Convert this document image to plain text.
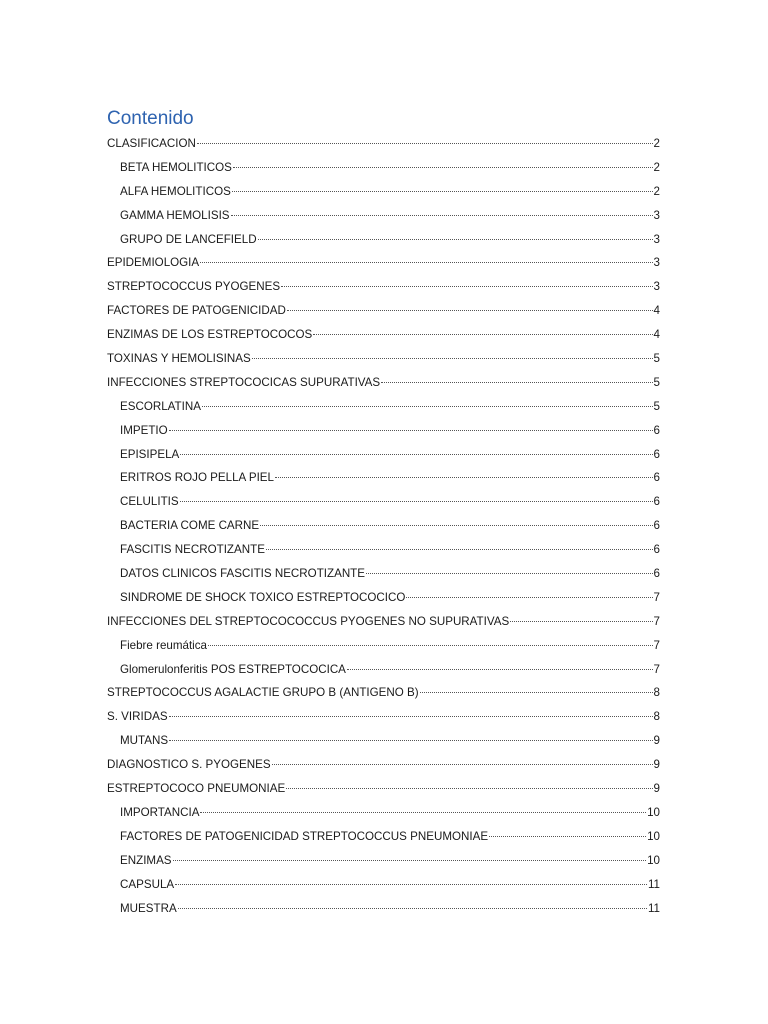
Contenido
CLASIFICACION	2
BETA HEMOLITICOS	2
ALFA HEMOLITICOS	2
GAMMA HEMOLISIS	3
GRUPO DE LANCEFIELD	3
EPIDEMIOLOGIA	3
STREPTOCOCCUS PYOGENES	3
FACTORES DE PATOGENICIDAD	4
ENZIMAS DE LOS ESTREPTOCOCOS	4
TOXINAS Y HEMOLISINAS	5
INFECCIONES STREPTOCOCICAS SUPURATIVAS	5
ESCORLATINA	5
IMPETIO	6
EPISIPELA	6
ERITROS ROJO PELLA PIEL	6
CELULITIS	6
BACTERIA COME CARNE	6
FASCITIS NECROTIZANTE	6
DATOS CLINICOS FASCITIS NECROTIZANTE	6
SINDROME DE SHOCK TOXICO ESTREPTOCOCICO	7
INFECCIONES DEL STREPTOCOCOCCUS PYOGENES NO SUPURATIVAS	7
Fiebre reumática	7
Glomerulonferitis POS ESTREPTOCOCICA	7
STREPTOCOCCUS AGALACTIE GRUPO B (ANTIGENO B)	8
S. VIRIDAS	8
MUTANS	9
DIAGNOSTICO S. PYOGENES	9
ESTREPTOCOCO PNEUMONIAE	9
IMPORTANCIA	10
FACTORES DE PATOGENICIDAD STREPTOCOCCUS PNEUMONIAE	10
ENZIMAS	10
CAPSULA	11
MUESTRA	11
